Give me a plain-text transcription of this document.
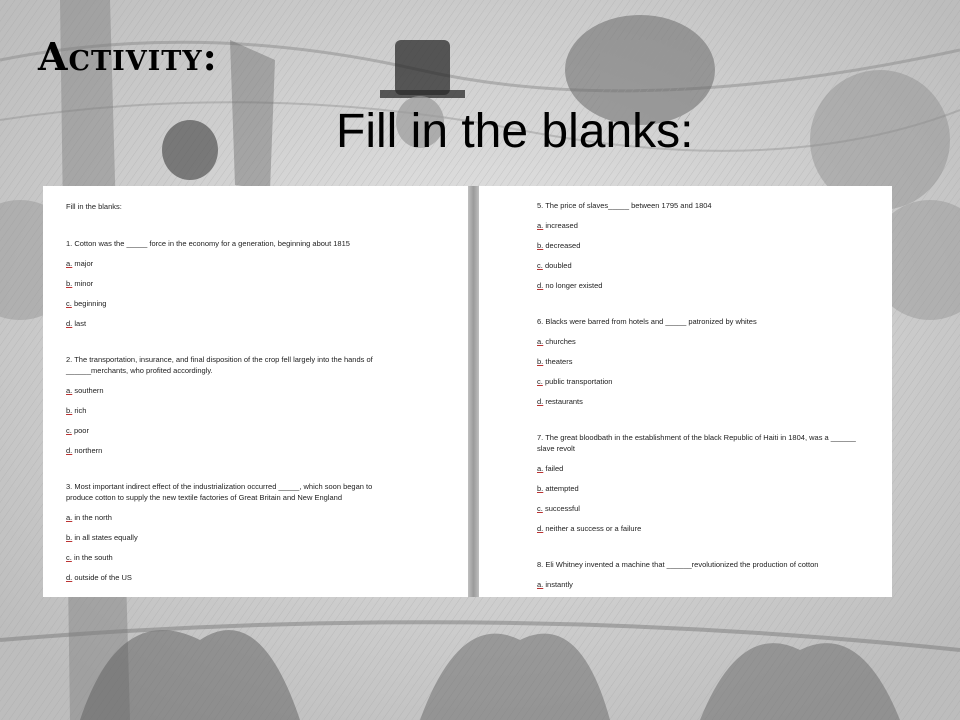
Activity:
Fill in the blanks:
Fill in the blanks:
1. Cotton was the _____ force in the economy for a generation, beginning about 1815
a. major
b. minor
c. beginning
d. last
2. The transportation, insurance, and final disposition of the crop fell largely into the hands of
______merchants, who profited accordingly.
a. southern
b. rich
c. poor
d. northern
3. Most important indirect effect of the industrialization occurred _____, which soon began to
produce cotton to supply the new textile factories of Great Britain and New England
a. in the north
b. in all states equally
c. in the south
d. outside of the US
5. The price of slaves_____ between 1795 and 1804
a. increased
b. decreased
c. doubled
d. no longer existed
6. Blacks were barred from hotels and _____ patronized by whites
a. churches
b. theaters
c. public transportation
d. restaurants
7. The great bloodbath in the establishment of the black Republic of Haiti in 1804, was a ______
slave revolt
a. failed
b. attempted
c. successful
d. neither a success or a failure
8. Eli Whitney invented a machine that ______revolutionized the production of cotton
a. instantly
